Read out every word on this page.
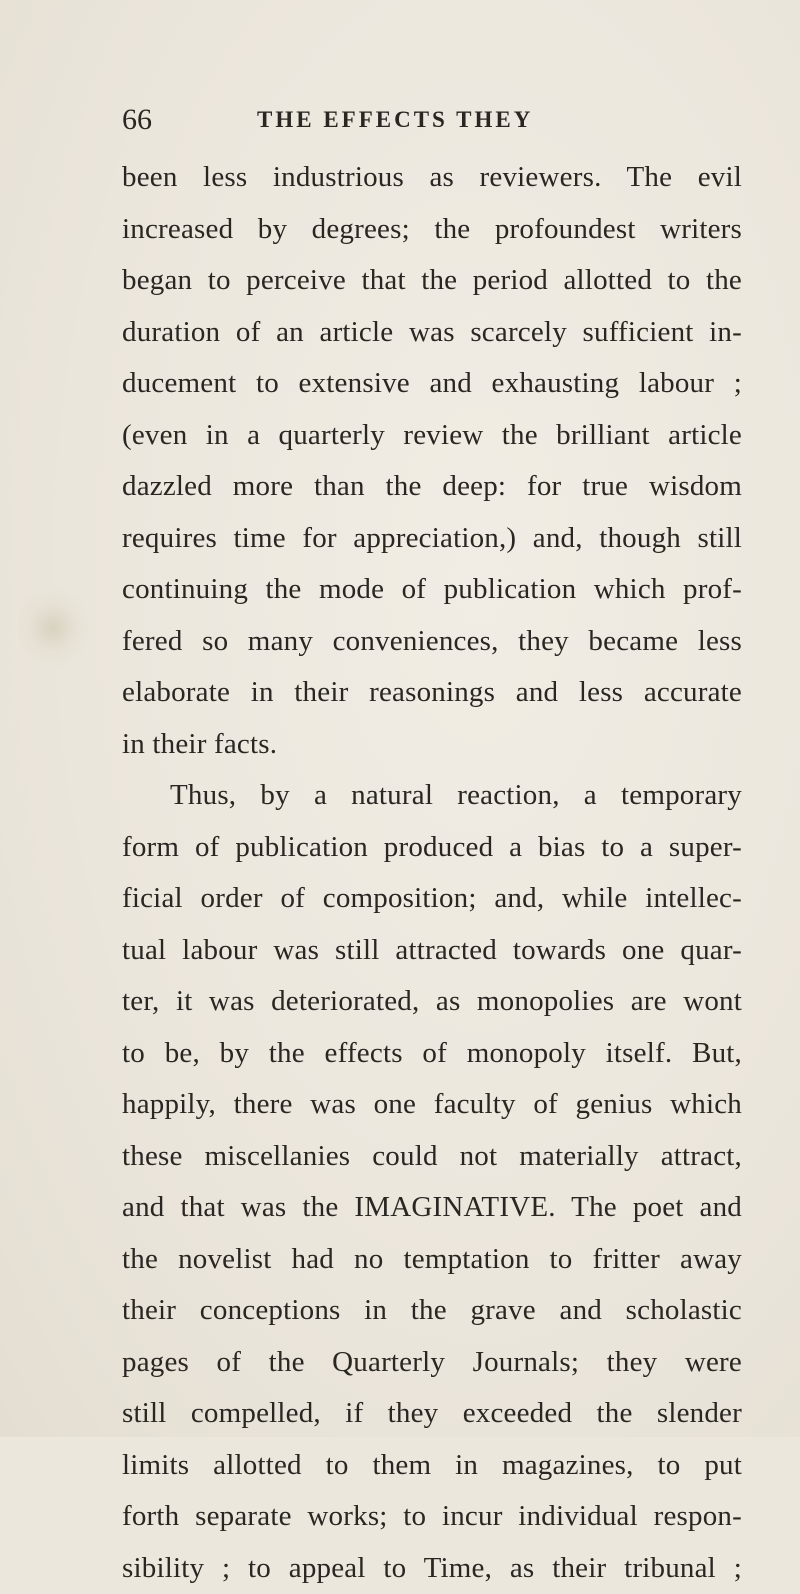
66	THE EFFECTS THEY
been less industrious as reviewers. The evil
increased by degrees; the profoundest writers
began to perceive that the period allotted to the
duration of an article was scarcely sufficient in-
ducement to extensive and exhausting labour ;
(even in a quarterly review the brilliant article
dazzled more than the deep: for true wisdom
requires time for appreciation,) and, though still
continuing the mode of publication which prof-
fered so many conveniences, they became less
elaborate in their reasonings and less accurate
in their facts.
Thus, by a natural reaction, a temporary
form of publication produced a bias to a super-
ficial order of composition; and, while intellec-
tual labour was still attracted towards one quar-
ter, it was deteriorated, as monopolies are wont
to be, by the effects of monopoly itself. But,
happily, there was one faculty of genius which
these miscellanies could not materially attract,
and that was the IMAGINATIVE. The poet and
the novelist had no temptation to fritter away
their conceptions in the grave and scholastic
pages of the Quarterly Journals; they were
still compelled, if they exceeded the slender
limits allotted to them in magazines, to put
forth separate works; to incur individual respon-
sibility ; to appeal to Time, as their tribunal ;
